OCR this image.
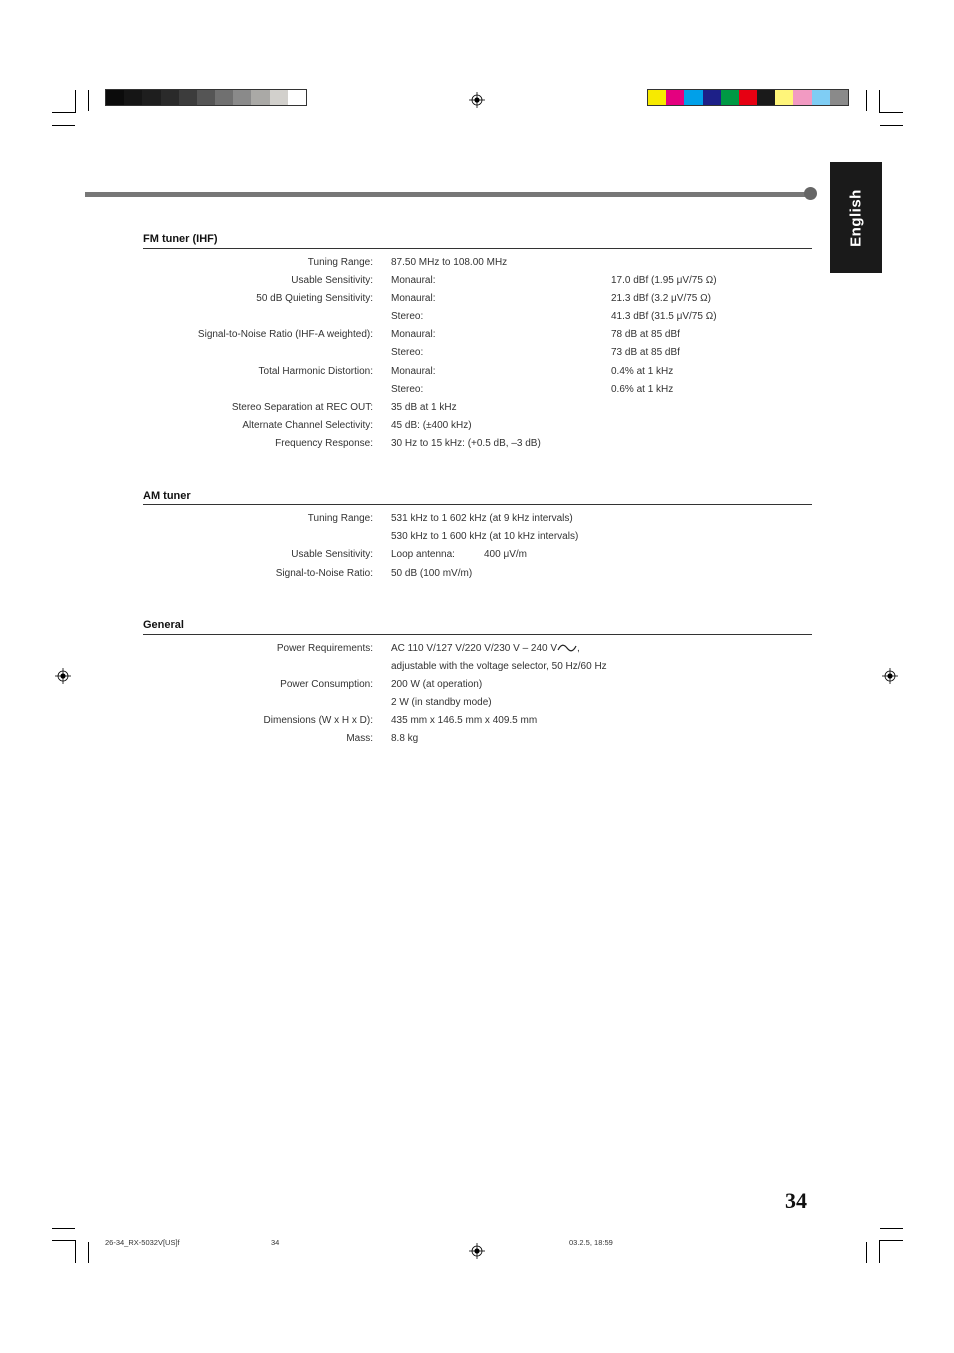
English
FM tuner (IHF)
Tuning Range: 87.50 MHz to 108.00 MHz
Usable Sensitivity: Monaural:	17.0 dBf (1.95 μV/75 Ω)
50 dB Quieting Sensitivity: Monaural:	21.3 dBf (3.2 μV/75 Ω)
Stereo:	41.3 dBf (31.5 μV/75 Ω)
Signal-to-Noise Ratio (IHF-A weighted): Monaural:	78 dB at 85 dBf
Stereo:	73 dB at 85 dBf
Total Harmonic Distortion: Monaural:	0.4% at 1 kHz
Stereo:	0.6% at 1 kHz
Stereo Separation at REC OUT: 35 dB at 1 kHz
Alternate Channel Selectivity: 45 dB: (±400 kHz)
Frequency Response: 30 Hz to 15 kHz: (+0.5 dB, –3 dB)
AM tuner
Tuning Range: 531 kHz to 1 602 kHz (at 9 kHz intervals)
530 kHz to 1 600 kHz (at 10 kHz intervals)
Usable Sensitivity: Loop antenna:	400 μV/m
Signal-to-Noise Ratio: 50 dB (100 mV/m)
General
Power Requirements: AC 110 V/127 V/220 V/230 V – 240 V ,
adjustable with the voltage selector, 50 Hz/60 Hz
Power Consumption: 200 W (at operation)
2 W (in standby mode)
Dimensions (W x H x D): 435 mm x 146.5 mm x 409.5 mm
Mass: 8.8 kg
34
26-34_RX-5032V[US]f	34	03.2.5, 18:59
